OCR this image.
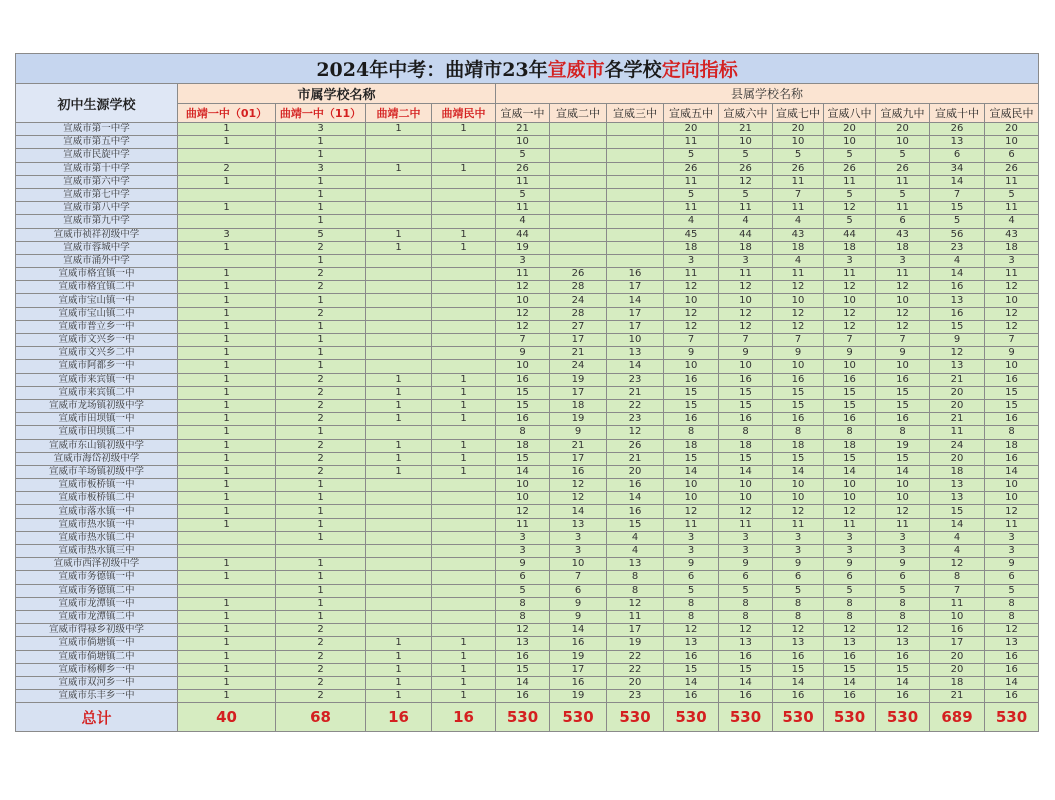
2024年中考：曲靖市23年宣威市各学校定向指标														
初中生源学校	市属学校名称				县属学校名称									
	曲靖一中（01）	曲靖一中（11）	曲靖二中	曲靖民中	宣威一中	宣威二中	宣威三中	宣威五中	宣威六中	宣威七中	宣威八中	宣威九中	宣威十中	宣威民中
宣威市第一中学	1	3	1	1	21			20	21	20	20	20	26	20
宣威市第五中学	1	1			10			11	10	10	10	10	13	10
宣威市民旋中学		1			5			5	5	5	5	5	6	6
宣威市第十中学	2	3	1	1	26			26	26	26	26	26	34	26
宣威市第六中学	1	1			11			11	12	11	11	11	14	11
宣威市第七中学		1			5			5	5	7	5	5	7	5
宣威市第八中学	1	1			11			11	11	11	12	11	15	11
宣威市第九中学		1			4			4	4	4	5	6	5	4
宣威市祯祥初级中学	3	5	1	1	44			45	44	43	44	43	56	43
宣威市蓉城中学	1	2	1	1	19			18	18	18	18	18	23	18
宣威市涌外中学		1			3			3	3	4	3	3	4	3
宣威市格宜镇一中	1	2			11	26	16	11	11	11	11	11	14	11
宣威市格宜镇二中	1	2			12	28	17	12	12	12	12	12	16	12
宣威市宝山镇一中	1	1			10	24	14	10	10	10	10	10	13	10
宣威市宝山镇二中	1	2			12	28	17	12	12	12	12	12	16	12
宣威市普立乡一中	1	1			12	27	17	12	12	12	12	12	15	12
宣威市文兴乡一中	1	1			7	17	10	7	7	7	7	7	9	7
宣威市文兴乡二中	1	1			9	21	13	9	9	9	9	9	12	9
宣威市阿都乡一中	1	1			10	24	14	10	10	10	10	10	13	10
宣威市来宾镇一中	1	2	1	1	16	19	23	16	16	16	16	16	21	16
宣威市来宾镇二中	1	2	1	1	15	17	21	15	15	15	15	15	20	15
宣威市龙场镇初级中学	1	2	1	1	15	18	22	15	15	15	15	15	20	15
宣威市田坝镇一中	1	2	1	1	16	19	23	16	16	16	16	16	21	16
宣威市田坝镇二中	1	1			8	9	12	8	8	8	8	8	11	8
宣威市东山镇初级中学	1	2	1	1	18	21	26	18	18	18	18	19	24	18
宣威市海岱初级中学	1	2	1	1	15	17	21	15	15	15	15	15	20	16
宣威市羊场镇初级中学	1	2	1	1	14	16	20	14	14	14	14	14	18	14
宣威市板桥镇一中	1	1			10	12	16	10	10	10	10	10	13	10
宣威市板桥镇二中	1	1			10	12	14	10	10	10	10	10	13	10
宣威市落水镇一中	1	1			12	14	16	12	12	12	12	12	15	12
宣威市热水镇一中	1	1			11	13	15	11	11	11	11	11	14	11
宣威市热水镇二中		1			3	3	4	3	3	3	3	3	4	3
宣威市热水镇三中					3	3	4	3	3	3	3	3	4	3
宣威市西泽初级中学	1	1			9	10	13	9	9	9	9	9	12	9
宣威市务德镇一中	1	1			6	7	8	6	6	6	6	6	8	6
宣威市务德镇二中		1			5	6	8	5	5	5	5	5	7	5
宣威市龙潭镇一中	1	1			8	9	12	8	8	8	8	8	11	8
宣威市龙潭镇二中	1	1			8	9	11	8	8	8	8	8	10	8
宣威市得禄乡初级中学	1	2			12	14	17	12	12	12	12	12	16	12
宣威市倘塘镇一中	1	2	1	1	13	16	19	13	13	13	13	13	17	13
宣威市倘塘镇二中	1	2	1	1	16	19	22	16	16	16	16	16	20	16
宣威市杨柳乡一中	1	2	1	1	15	17	22	15	15	15	15	15	20	16
宣威市双河乡一中	1	2	1	1	14	16	20	14	14	14	14	14	18	14
宣威市乐丰乡一中	1	2	1	1	16	19	23	16	16	16	16	16	21	16
总计	40	68	16	16	530	530	530	530	530	530	530	530	689	530
